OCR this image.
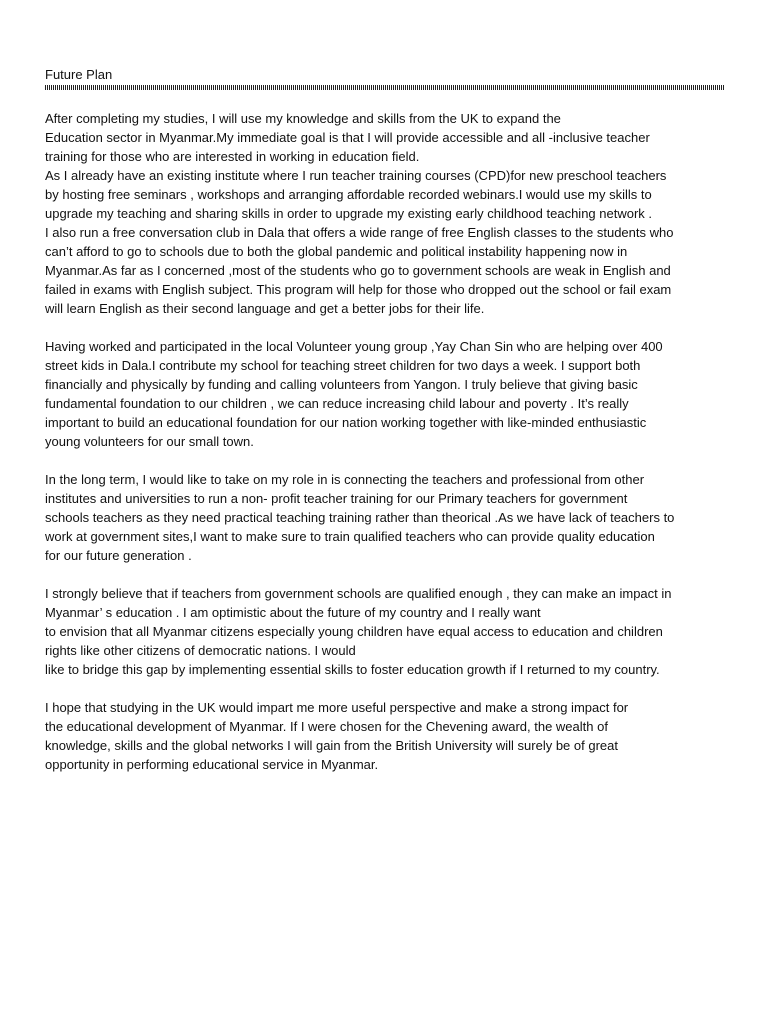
Future Plan
After completing my studies, I will use my knowledge and skills from the UK to expand the
Education sector in Myanmar.My immediate goal is that I will provide accessible and all -inclusive teacher
training for those who are interested in working in education field.
As I already have an existing institute where I run teacher training courses (CPD)for new preschool teachers
by hosting free seminars , workshops and arranging affordable recorded webinars.I would use my skills to
upgrade my teaching and sharing skills in order to upgrade my existing early childhood teaching network .
I also run a free conversation club in Dala that offers a wide range of free English classes to the students who
can’t afford to go to schools due to both the global pandemic and political instability happening now in
Myanmar.As far as I concerned ,most of the students who go to government schools are weak in English and
failed in exams with English subject. This program will help for those who dropped out the school or fail exam
will learn English as their second language and get a better jobs for their life.
Having worked and participated in the local Volunteer young group ,Yay Chan Sin who are helping over 400
street kids in Dala.I contribute my school for teaching street children for two days a week. I support both
financially and physically by funding and calling volunteers from Yangon. I truly believe that giving basic
fundamental foundation to our children , we can reduce increasing child labour and poverty . It’s really
important to build an educational foundation for our nation working together with like-minded enthusiastic
young volunteers for our small town.
In the long term, I would like to take on my role in is connecting the teachers and professional from other
institutes and universities to run a non- profit teacher training for our Primary teachers for government
schools teachers as they need practical teaching training rather than theorical .As we have lack of teachers to
work at government sites,I want to make sure to train qualified teachers who can provide quality education
for our future generation .
I strongly believe that if teachers from government schools are qualified enough , they can make an impact in
Myanmar’ s education . I am optimistic about the future of my country and I really want
to envision that all Myanmar citizens especially young children have equal access to education and children
rights like other citizens of democratic nations. I would
like to bridge this gap by implementing essential skills to foster education growth if I returned to my country.
I hope that studying in the UK would impart me more useful perspective and make a strong impact for
the educational development of Myanmar. If I were chosen for the Chevening award, the wealth of
knowledge, skills and the global networks I will gain from the British University will surely be of great
opportunity in performing educational service in Myanmar.
